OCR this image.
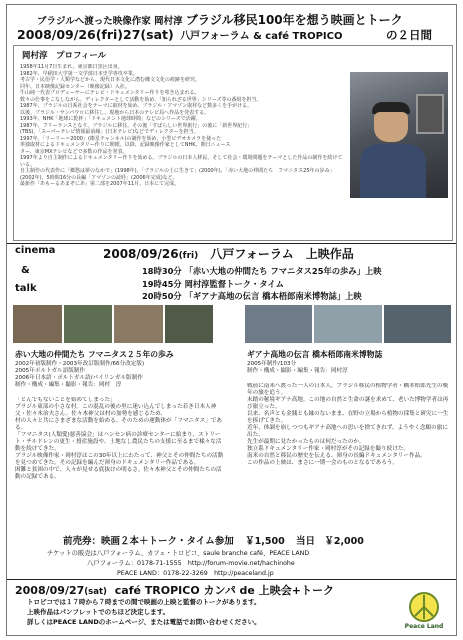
ブラジルへ渡った映像作家 岡村淳 ブラジル移民100年を想う映画とトーク
2008/09/26(fri)27(sat) 八戸フォーラム & café TROPICO	の２日間
岡村淳　プロフィール
1958年11月7日生まれ。東京都日黒区出身。
1982年、早稲田大学第一文学部日本史学専攻卒業。
考古学・民俗学・人類学などから、現代日本文化に潜む縄文文化の痕跡を研究。
同年、日本映像記録センター（映像記録）入社。
牛山純一代表プロデューサーにテレビ・ドキュメンタリー作りを叩き込まれる。
数々の仕事をこなしながら、ディレクターとして活動を始め、「知られざる世界」シリーズ等の番組を担当。
1987年、ブラジルの日系社会をテーマに取材を始め、ブラジル・アマゾン取材など数多くを手がける。
以後、ブラジル・サンパウロに移住し、現地から日本のテレビ局へ作品を発表する。
1993年、NHK「地球に乾杯」「ドキュメント地球時間」などのシリーズで活躍。
1987年、フリーランスとなり、ブラジルに移住。その後「すばらしい世界旅行」の後に「新世界紀行」
(TBS)、「スーパーテレビ情報最前線」(日本テレビ)などでディレクターを担当。
1997年、「リーリー＝2000」(衛星チャンネル)の制作を始め、小型ビデオカメラを使った
単独取材によるドキュメンタリー作りに開眼。以降、記録映像作家としてNHK、朝日ニュース
ター、東京MXテレビなどで多数の作品を発表。
1997年より自主制作によるドキュメンタリー作りを始める。ブラジルの日本人移民、そして社会・環境問題をテーマとした作品の制作を続けている。
自主制作の代表作に「郷愁は夢のなかで」(1998年)、「ブラジルの土に生きて」(2000年)、「赤い大地の仲間たち　フマニタス25年の歩み」(2002年)、5時間16分の長編「アマゾンの読経」(2006年完成)など。
最新作「あもーるあまぞにあ」第二部を2007年11月、日本にて完成。
cinema
&
talk
2008/09/26(fri) 八戸フォーラム　上映作品
18時30分 「赤い大地の仲間たち フマニタス25年の歩み」上映
19時45分 岡村淳監督トーク・タイム
20時50分 「ギアナ高地の伝言 橋本梧郎南米博物誌」上映
赤い大地の仲間たち フマニタス２５年の歩み
2002年初版制作・2003年改訂版制作/66分改定版)
2005年ポルトガル語版制作
2006年日本語・ポルトガル語/バイリンガル版制作
制作・構成・編集・撮影・報告：岡村　淳
「とんでもないことを始めてしまった」
ブラジル東部の小さな村。この混乱の後の里に迷い込んでしまった若き日本人神父・佐々木治夫さん。佐々木神父は村の加勢を感じるため、
村の人々と共にさまざまな活動を始める。そのための運動体が「フマニタス」である。
「フマニタス(人類愛)慈善協会」はハンセン病の診療センターに始まり、ストリート・チルドレンの更生・授産施設や、土地なし農民たちの支援に至るまで様々な活動を続けてきた。
ブラジル映像作家・岡村淳はこの30年以上にわたって、神父とその仲間たちの活動を見つめてきた。その記録を編んだ渾身のドキュメンタリー作品である。
困難と貧困の中で、人々が見せる底抜けの明るさ。佐々木神父とその仲間たちの活動の記録である。
ギアナ高地の伝言 橋本梧郎南米博物誌
2005年制作/103分
制作・構成・撮影・編集・報告：岡村淳
戦前に南米へ渡った一人の日本人。ブラジル移民の植物学者・橋本梧郎先生の晩年の旅を追う。
未踏の秘境ギアナ高地。この地の自然と生命の謎を求めて、老いた博物学者は再び旅立った。
以来、名声とも金銭とも縁のないまま、在野の立場から植物の採集と研究に一生を捧げてきた。
近年、体調を崩しつつもギアナ高地への思いを捨てきれず、ようやく念願の旅に出た。
先生が最期に見たかったものは何だったのか。
独立系ドキュメンタリー作家・岡村淳がその記録を撮り続けた。
南米の自然と移民の歴史を伝える、渾身の長編ドキュメンタリー作品。
この作品の上映は、まさに一期一会のものとなるであろう。
前売券：映画２本＋トーク・タイム参加 ￥1,500 当日 ￥2,000
チケットの販売は八戸フォーラム、カフェ・トロピコ、saule branche café、PEACE LAND
八戸フォーラム：0178-71-1555　http://forum-movie.net/hachinohe
PEACE LAND：0178-22-3269　http://peaceland.jp
2008/09/27(sat) café TROPICO カンパ de 上映会+トーク
トロピコでは１７時から７時までの間で映画の上映と監督のトークがあります。
上映作品はパンフレットでのちほど決定します。
詳しくはPEACE LANDのホームページ、または電話でお問い合わせください。
Peace Land
